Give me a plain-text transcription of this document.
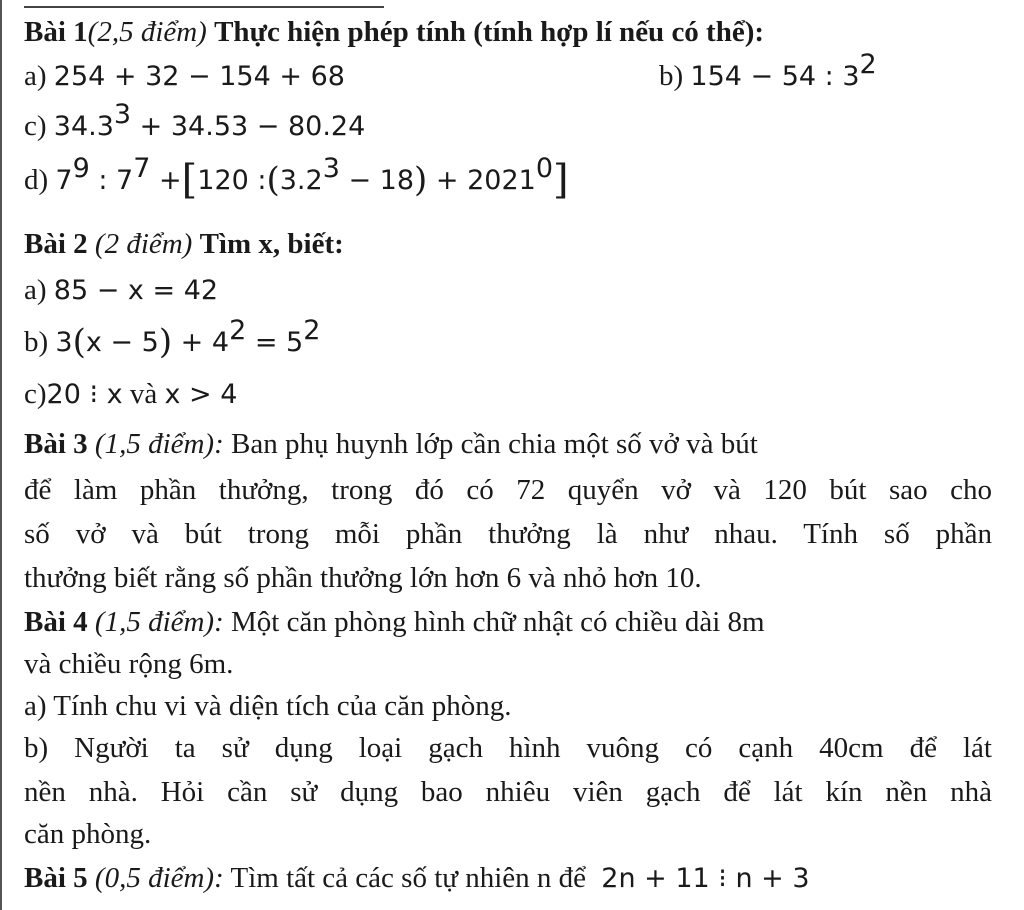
Bài 1(2,5 điểm) Thực hiện phép tính (tính hợp lí nếu có thể):
a) 254 + 32 − 154 + 68	b) 154 − 54 : $3^2$
c) $34.3^3 + 34.53 - 80.24$
d) $7^9$ : $7^7 +[120$ $:(3.2^3 - 18) + 2021^0$]
Bài 2 (2 điểm) Tìm x, biết:
a) 85 − x = 42
b) $3(x - 5) + 4^2 = 5^2$
c)20 ⁝ x và x > 4
Bài 3 (1,5 điểm): Ban phụ huynh lớp cần chia một số vở và bút
để làm phần thưởng, trong đó có 72 quyển vở và 120 bút sao cho
số vở và bút trong mỗi phần thưởng là như nhau. Tính số phần
thưởng biết rằng số phần thưởng lớn hơn 6 và nhỏ hơn 10.
Bài 4 (1,5 điểm): Một căn phòng hình chữ nhật có chiều dài 8m
và chiều rộng 6m.
a) Tính chu vi và diện tích của căn phòng.
b) Người ta sử dụng loại gạch hình vuông có cạnh 40cm để lát
nền nhà. Hỏi cần sử dụng bao nhiêu viên gạch để lát kín nền nhà
căn phòng.
Bài 5 (0,5 điểm): Tìm tất cả các số tự nhiên n để 2n + 11 ⁝ n + 3
